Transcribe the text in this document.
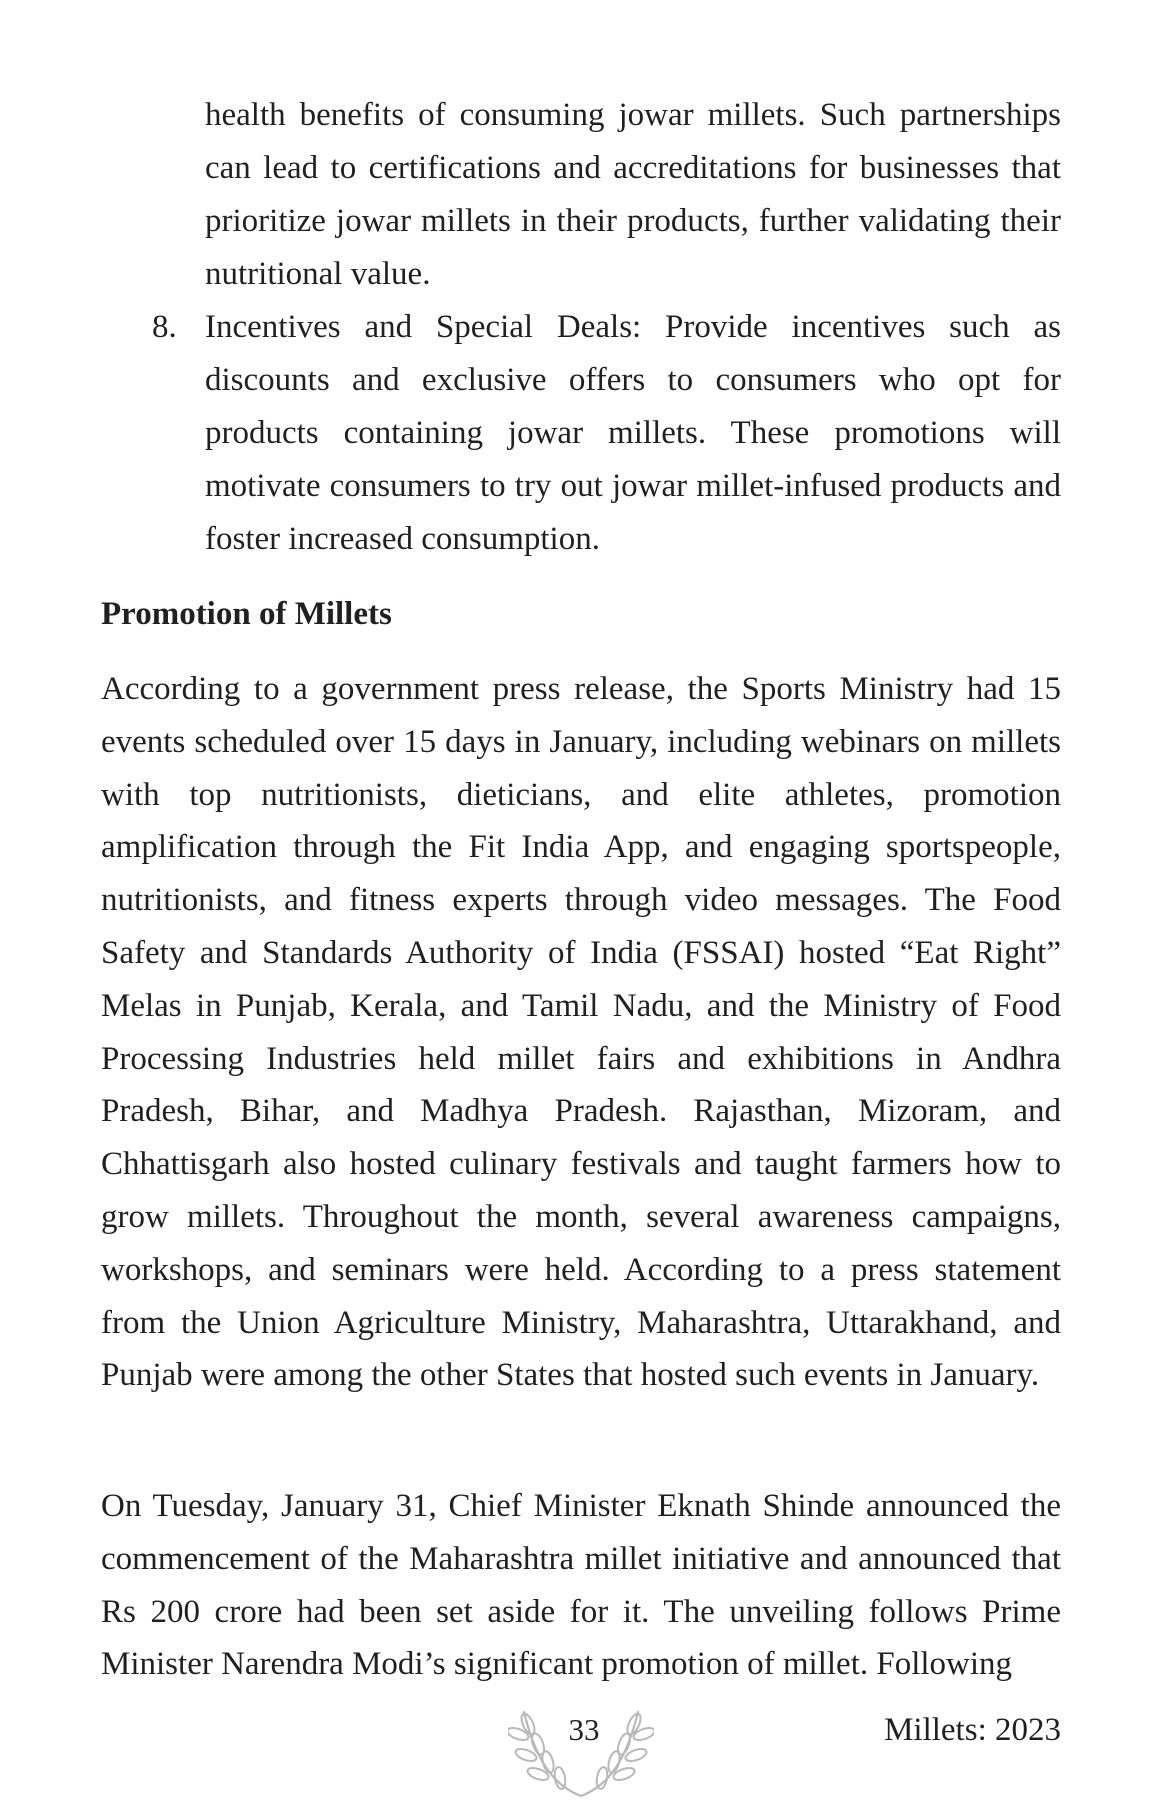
health benefits of consuming jowar millets. Such partnerships can lead to certifications and accreditations for businesses that prioritize jowar millets in their products, further validating their nutritional value.
8. Incentives and Special Deals: Provide incentives such as discounts and exclusive offers to consumers who opt for products containing jowar millets. These promotions will motivate consumers to try out jowar millet-infused products and foster increased consumption.
Promotion of Millets

According to a government press release, the Sports Ministry had 15 events scheduled over 15 days in January, including webinars on millets with top nutritionists, dieticians, and elite athletes, promotion amplification through the Fit India App, and engaging sportspeople, nutritionists, and fitness experts through video messages. The Food Safety and Standards Authority of India (FSSAI) hosted “Eat Right” Melas in Punjab, Kerala, and Tamil Nadu, and the Ministry of Food Processing Industries held millet fairs and exhibitions in Andhra Pradesh, Bihar, and Madhya Pradesh. Rajasthan, Mizoram, and Chhattisgarh also hosted culinary festivals and taught farmers how to grow millets. Throughout the month, several awareness campaigns, workshops, and seminars were held. According to a press statement from the Union Agriculture Ministry, Maharashtra, Uttarakhand, and Punjab were among the other States that hosted such events in January.

On Tuesday, January 31, Chief Minister Eknath Shinde announced the commencement of the Maharashtra millet initiative and announced that Rs 200 crore had been set aside for it. The unveiling follows Prime Minister Narendra Modi’s significant promotion of millet. Following

33	Millets: 2023
